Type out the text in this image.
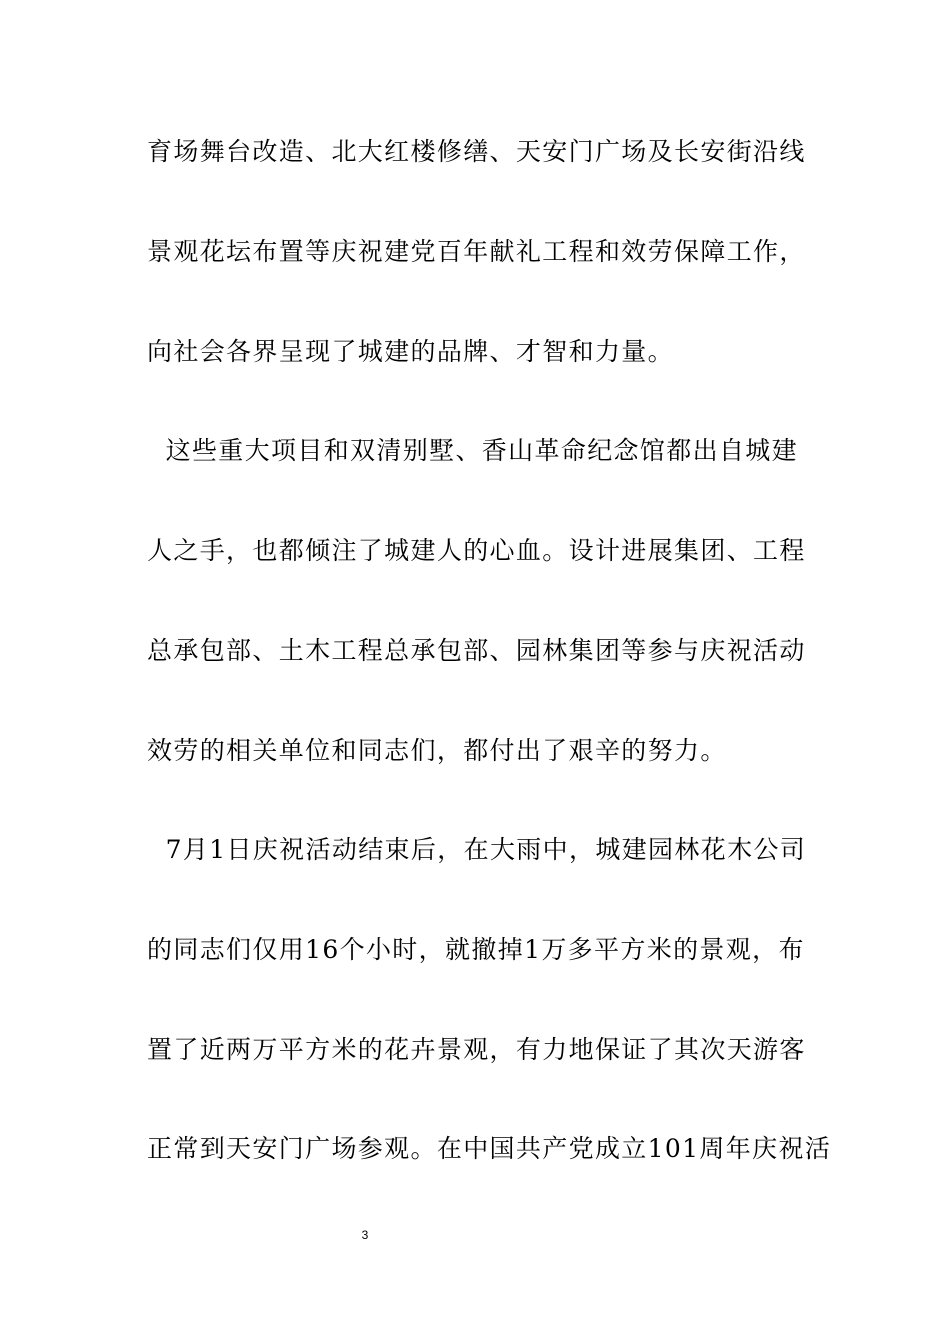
育场舞台改造、北大红楼修缮、天安门广场及长安街沿线
景观花坛布置等庆祝建党百年献礼工程和效劳保障工作，
向社会各界呈现了城建的品牌、才智和力量。
这些重大项目和双清别墅、香山革命纪念馆都出自城建
人之手，也都倾注了城建人的心血。设计进展集团、工程
总承包部、土木工程总承包部、园林集团等参与庆祝活动
效劳的相关单位和同志们，都付出了艰辛的努力。
7月1日庆祝活动结束后，在大雨中，城建园林花木公司
的同志们仅用16个小时，就撤掉1万多平方米的景观，布
置了近两万平方米的花卉景观，有力地保证了其次天游客
正常到天安门广场参观。在中国共产党成立101周年庆祝活
3
